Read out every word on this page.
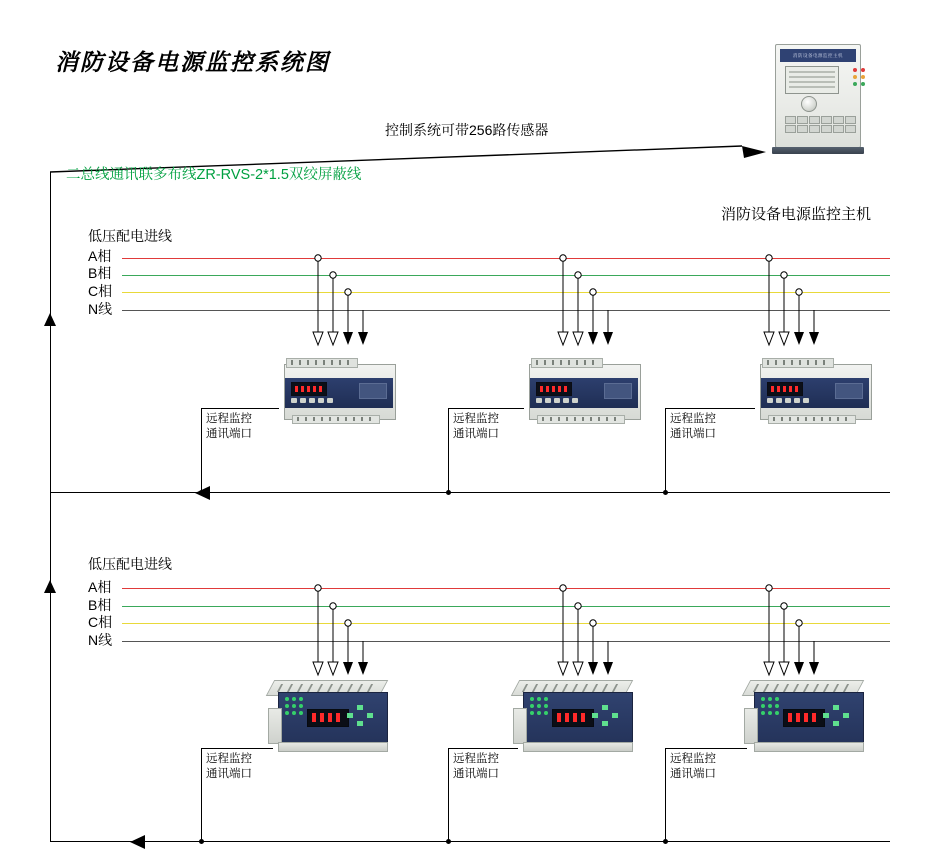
消防设备电源监控系统图	消防设备电源监控主机
消防设备电源监控主机
控制系统可带256路传感器
二总线通讯联多布线ZR-RVS-2*1.5双绞屏蔽线
低压配电进线
A相
B相
C相
N线
远程监控
通讯端口
远程监控
通讯端口
远程监控
通讯端口
低压配电进线
A相
B相
C相
N线
远程监控
通讯端口
远程监控
通讯端口
远程监控
通讯端口
